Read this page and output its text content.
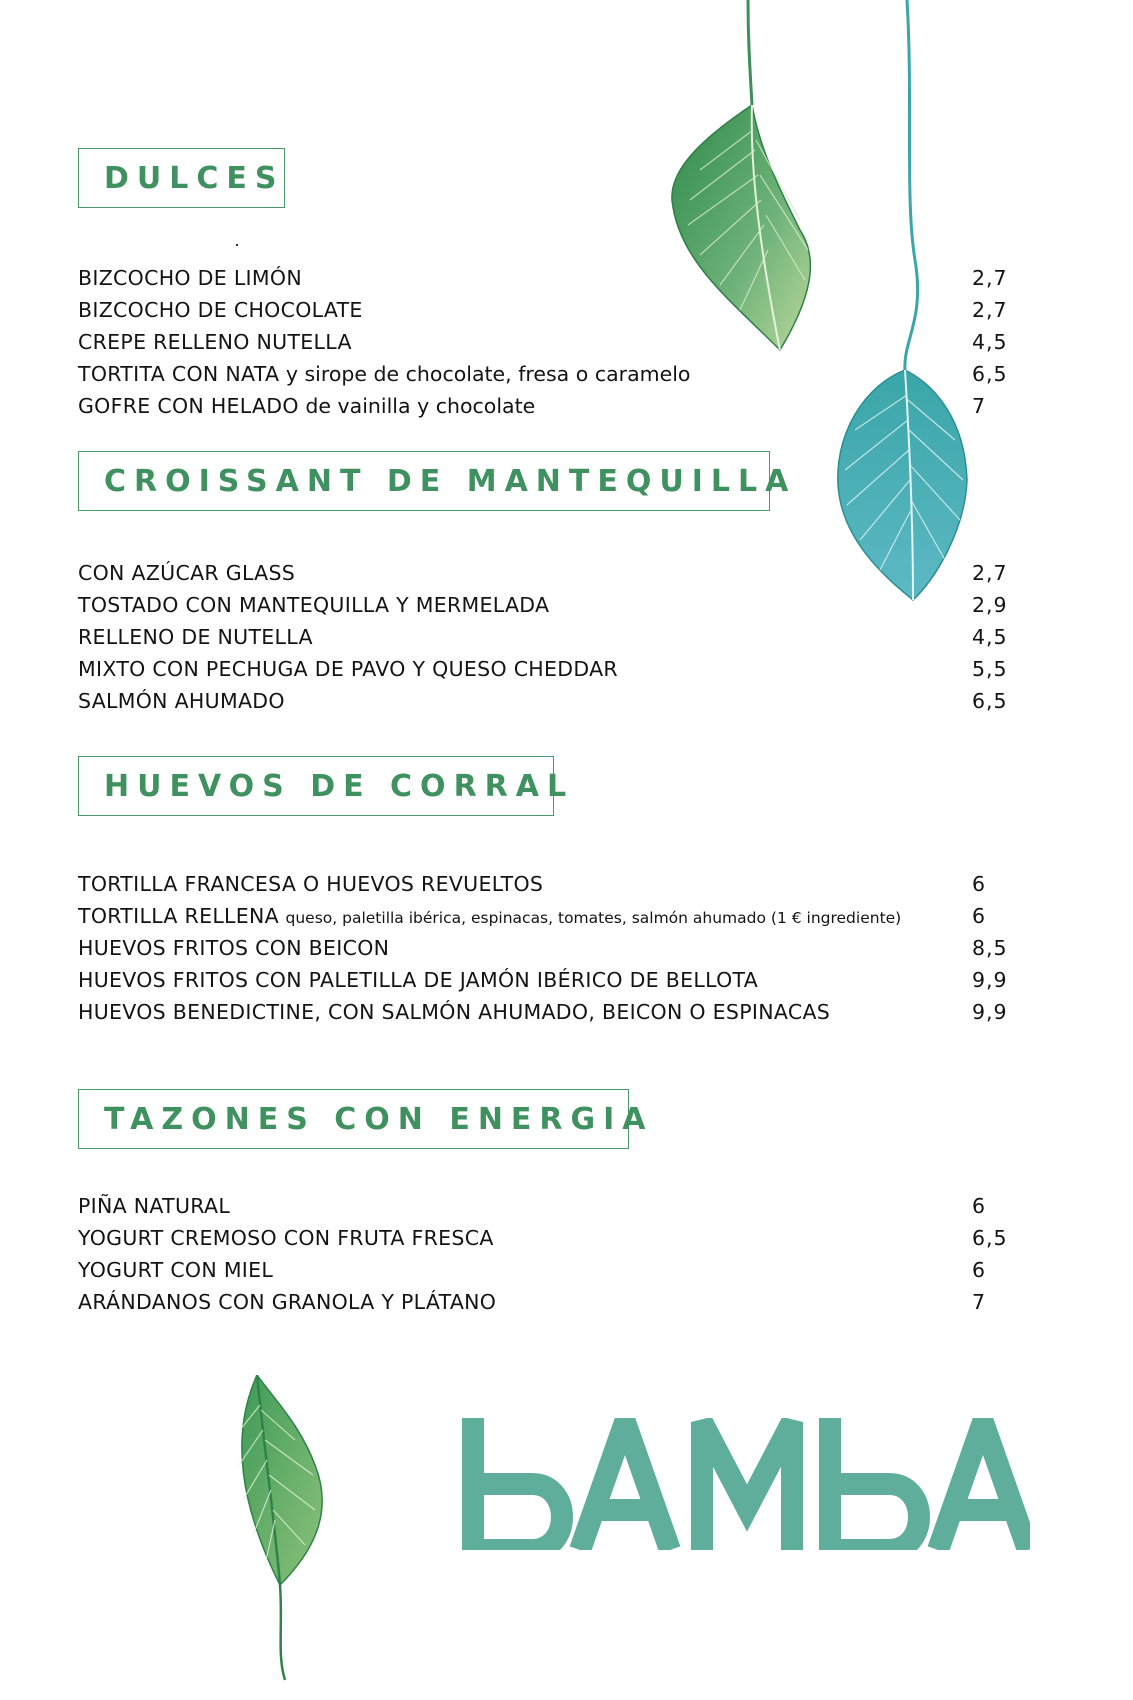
DULCES
BIZCOCHO DE LIMÓN	2,7
BIZCOCHO DE CHOCOLATE	2,7
CREPE RELLENO NUTELLA	4,5
TORTITA CON NATA y sirope de chocolate, fresa o caramelo	6,5
GOFRE CON HELADO de vainilla y chocolate	7
CROISSANT DE MANTEQUILLA
CON AZÚCAR GLASS	2,7
TOSTADO CON MANTEQUILLA Y MERMELADA	2,9
RELLENO DE NUTELLA	4,5
MIXTO CON PECHUGA DE PAVO Y QUESO CHEDDAR	5,5
SALMÓN AHUMADO	6,5
HUEVOS DE CORRAL
TORTILLA FRANCESA O HUEVOS REVUELTOS	6
TORTILLA RELLENA queso, paletilla ibérica, espinacas, tomates, salmón ahumado (1 € ingrediente)	6
HUEVOS FRITOS CON BEICON	8,5
HUEVOS FRITOS CON PALETILLA DE JAMÓN IBÉRICO DE BELLOTA	9,9
HUEVOS BENEDICTINE, CON SALMÓN AHUMADO, BEICON O ESPINACAS	9,9
TAZONES CON ENERGIA
PIÑA NATURAL	6
YOGURT CREMOSO CON FRUTA FRESCA	6,5
YOGURT CON MIEL	6
ARÁNDANOS CON GRANOLA Y PLÁTANO	7
